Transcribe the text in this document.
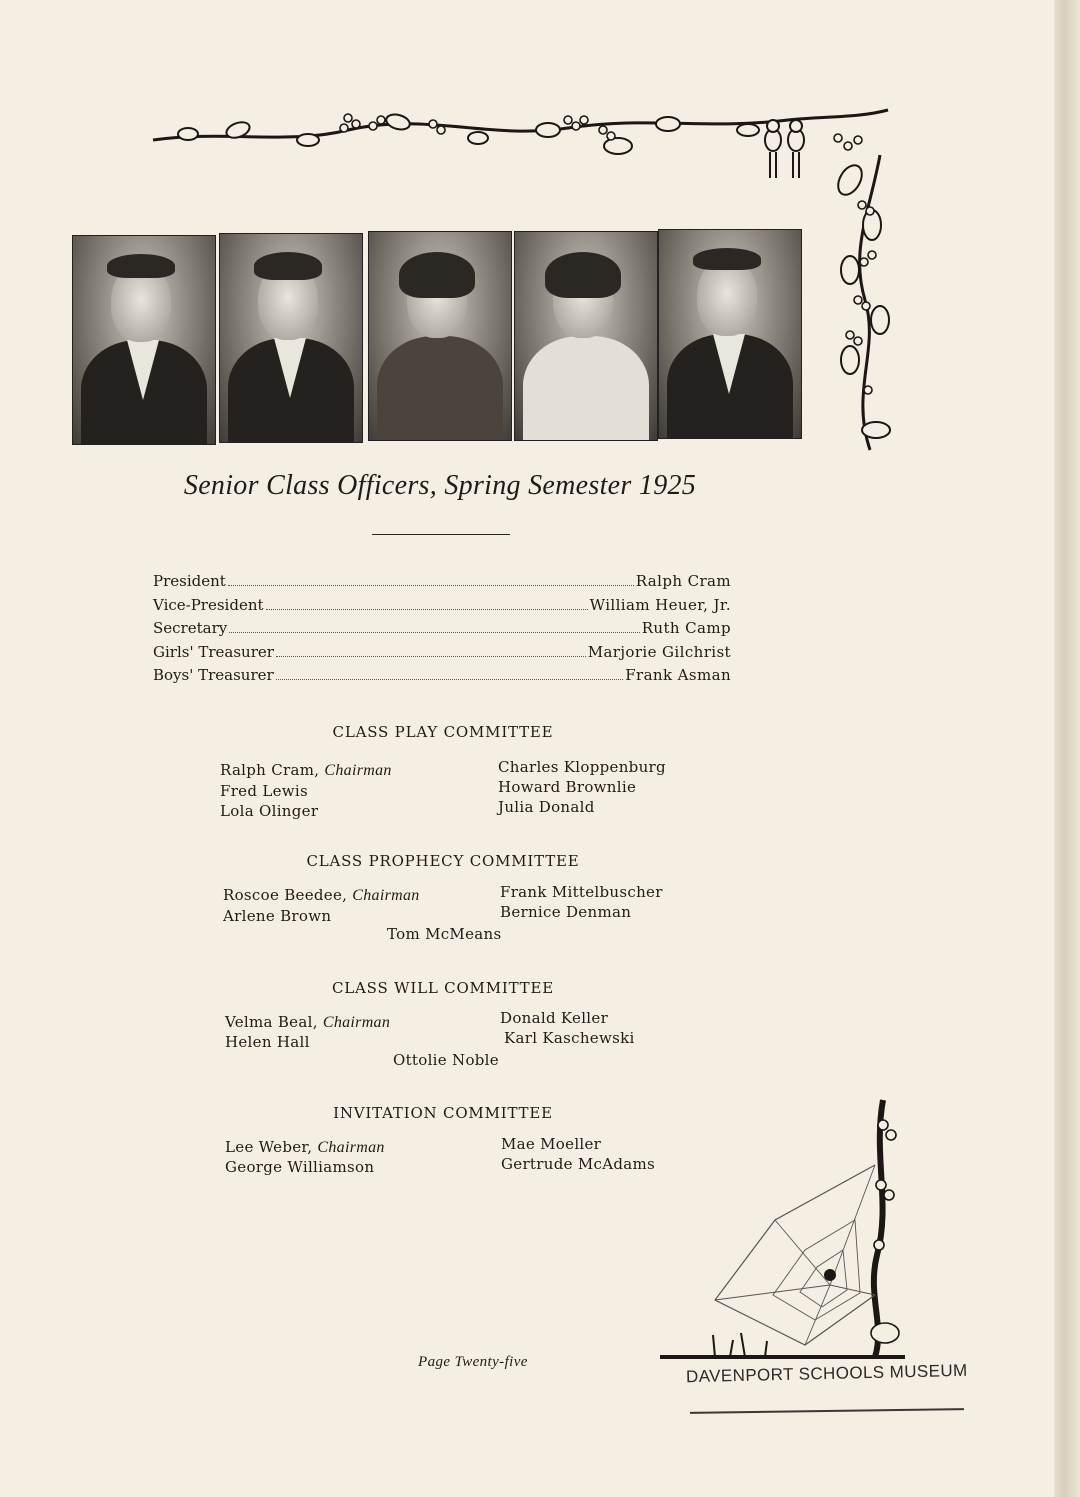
Senior Class Officers, Spring Semester 1925
President	Ralph Cram
Vice-President	William Heuer, Jr.
Secretary	Ruth Camp
Girls' Treasurer	Marjorie Gilchrist
Boys' Treasurer	Frank Asman
CLASS PLAY COMMITTEE
Ralph Cram, Chairman
Fred Lewis
Lola Olinger
Charles Kloppenburg
Howard Brownlie
Julia Donald
CLASS PROPHECY COMMITTEE
Roscoe Beedee, Chairman
Arlene Brown
Frank Mittelbuscher
Bernice Denman
Tom McMeans
CLASS WILL COMMITTEE
Velma Beal, Chairman
Helen Hall
Donald Keller
Karl Kaschewski
Ottolie Noble
INVITATION COMMITTEE
Lee Weber, Chairman
George Williamson
Mae Moeller
Gertrude McAdams
Page Twenty-five	DAVENPORT SCHOOLS MUSEUM
